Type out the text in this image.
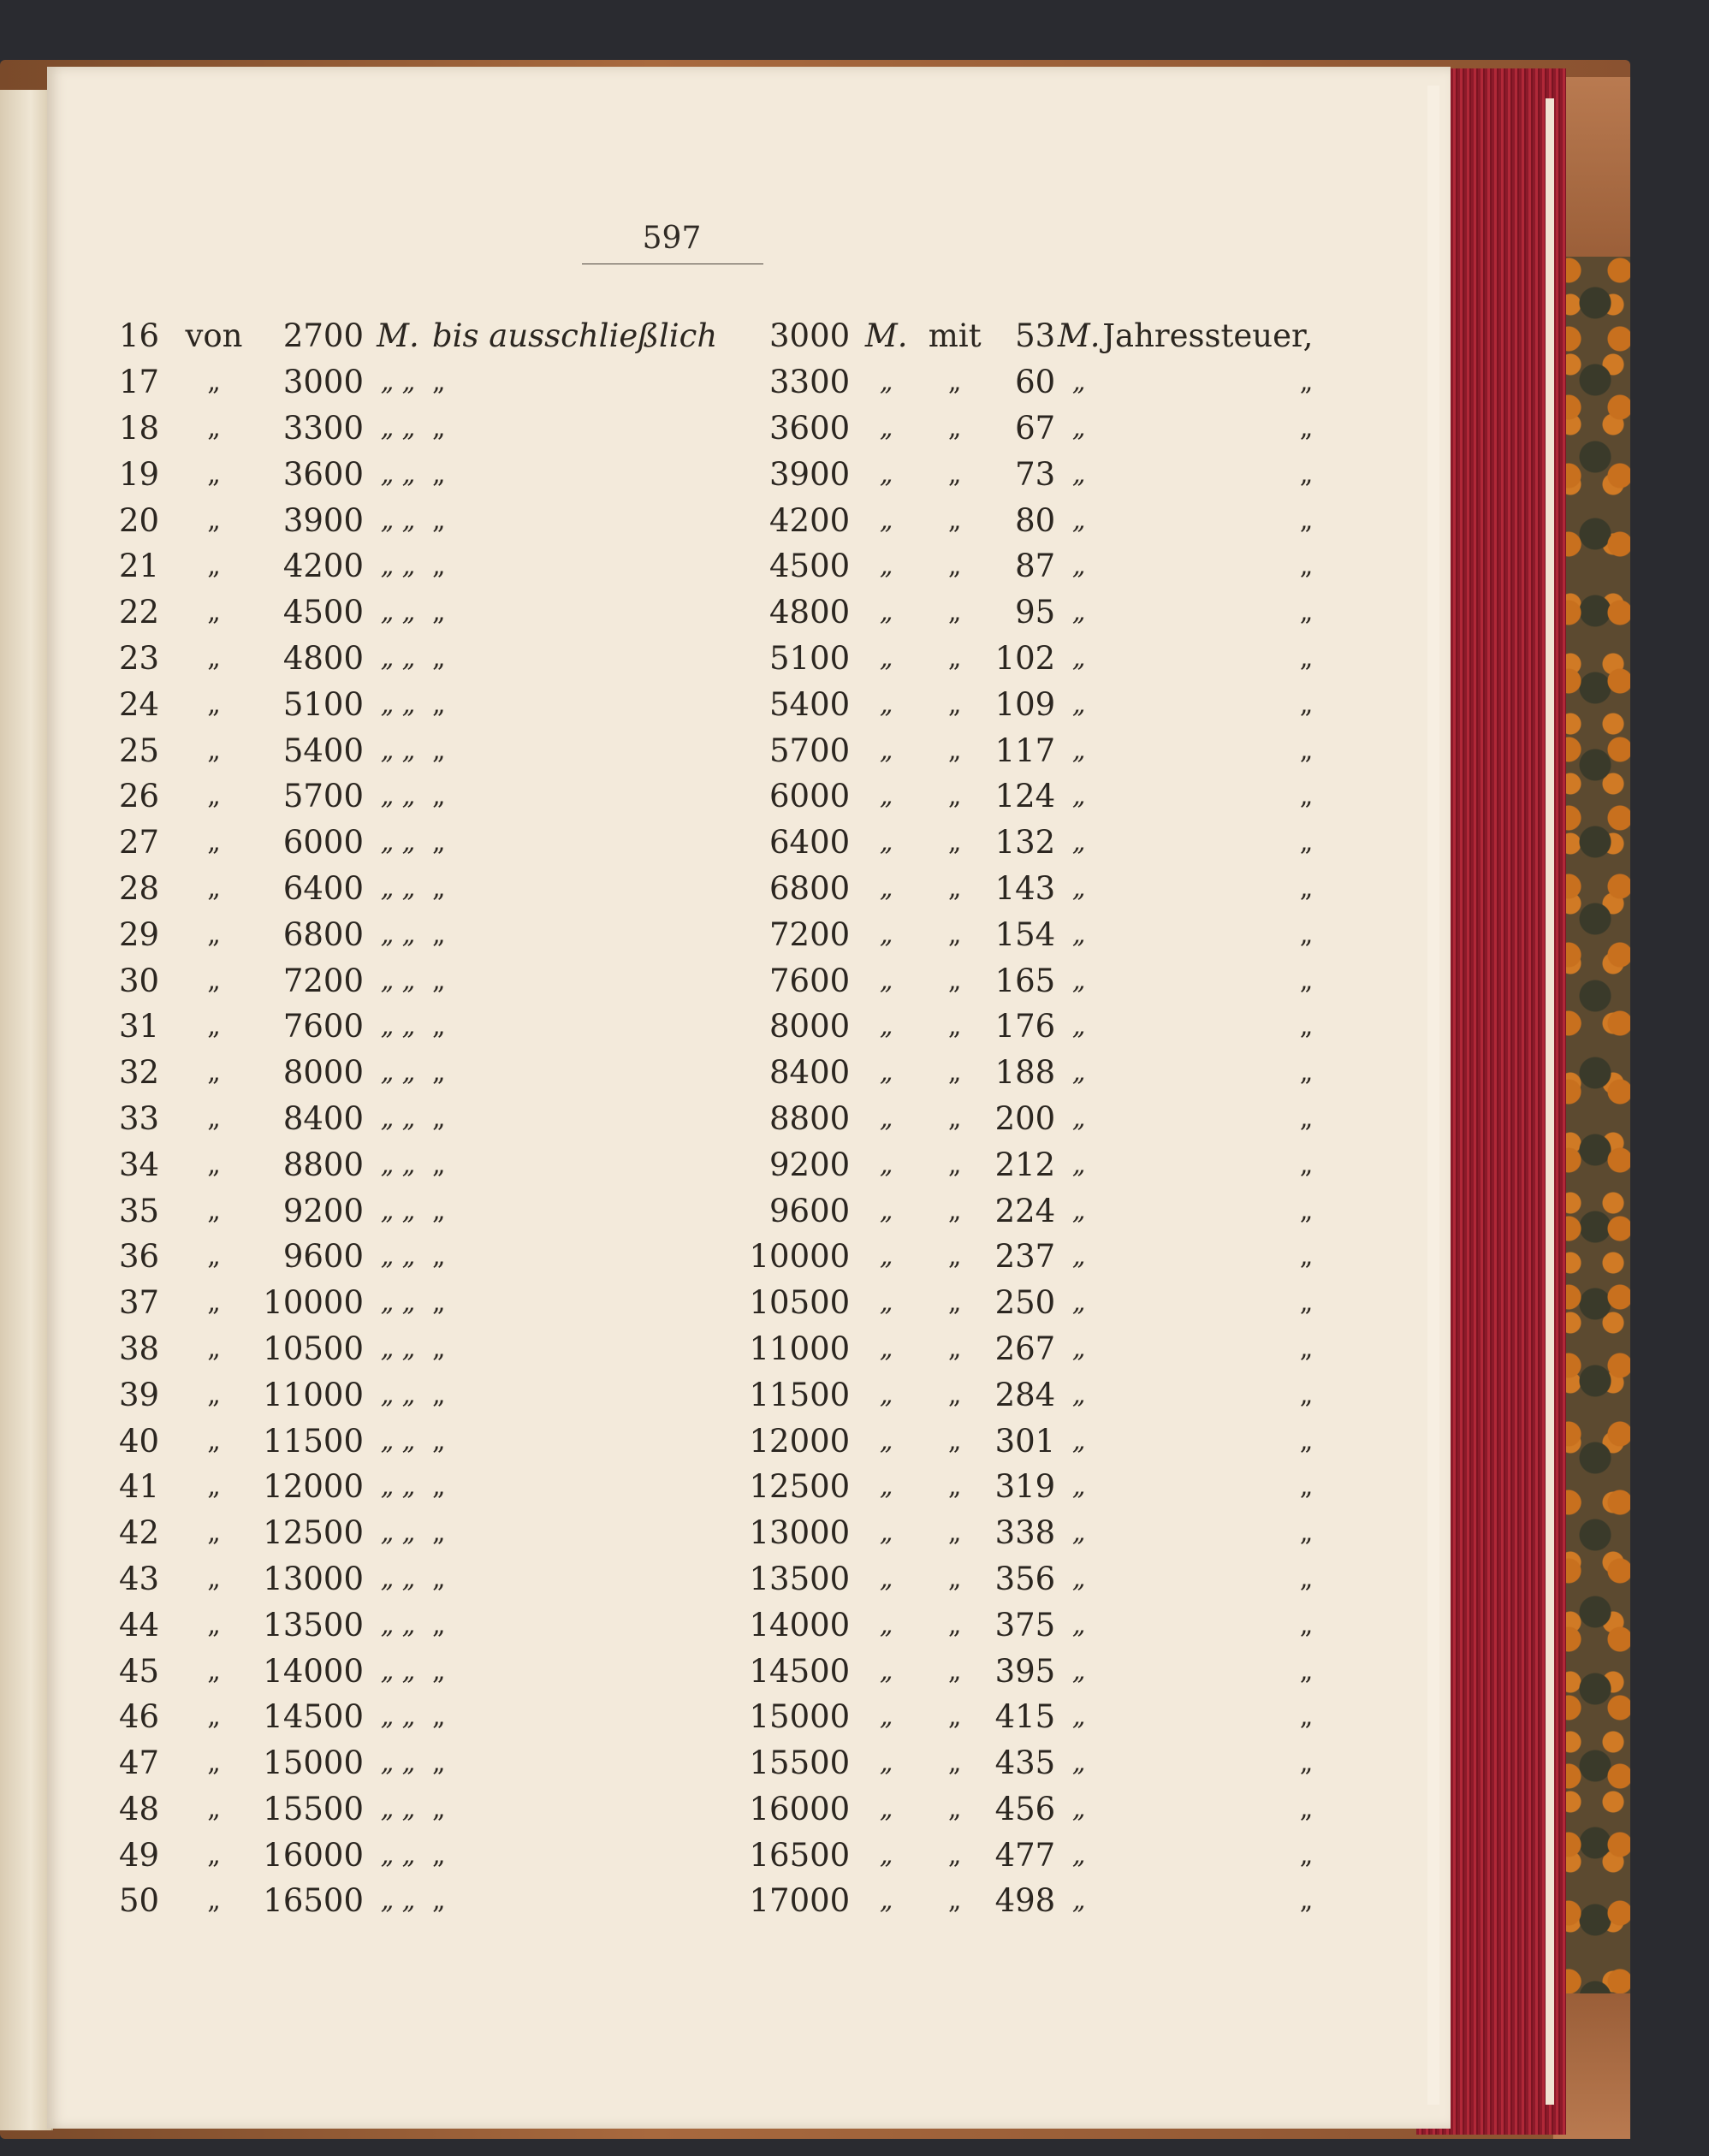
597
16	von	2700	M.	bis ausschließlich	3000	M.	mit	53	M.	Jahressteuer,
17	„	3000	„ „	„	3300	„	„	60	„	„
18	„	3300	„ „	„	3600	„	„	67	„	„
19	„	3600	„ „	„	3900	„	„	73	„	„
20	„	3900	„ „	„	4200	„	„	80	„	„
21	„	4200	„ „	„	4500	„	„	87	„	„
22	„	4500	„ „	„	4800	„	„	95	„	„
23	„	4800	„ „	„	5100	„	„	102	„	„
24	„	5100	„ „	„	5400	„	„	109	„	„
25	„	5400	„ „	„	5700	„	„	117	„	„
26	„	5700	„ „	„	6000	„	„	124	„	„
27	„	6000	„ „	„	6400	„	„	132	„	„
28	„	6400	„ „	„	6800	„	„	143	„	„
29	„	6800	„ „	„	7200	„	„	154	„	„
30	„	7200	„ „	„	7600	„	„	165	„	„
31	„	7600	„ „	„	8000	„	„	176	„	„
32	„	8000	„ „	„	8400	„	„	188	„	„
33	„	8400	„ „	„	8800	„	„	200	„	„
34	„	8800	„ „	„	9200	„	„	212	„	„
35	„	9200	„ „	„	9600	„	„	224	„	„
36	„	9600	„ „	„	10000	„	„	237	„	„
37	„	10000	„ „	„	10500	„	„	250	„	„
38	„	10500	„ „	„	11000	„	„	267	„	„
39	„	11000	„ „	„	11500	„	„	284	„	„
40	„	11500	„ „	„	12000	„	„	301	„	„
41	„	12000	„ „	„	12500	„	„	319	„	„
42	„	12500	„ „	„	13000	„	„	338	„	„
43	„	13000	„ „	„	13500	„	„	356	„	„
44	„	13500	„ „	„	14000	„	„	375	„	„
45	„	14000	„ „	„	14500	„	„	395	„	„
46	„	14500	„ „	„	15000	„	„	415	„	„
47	„	15000	„ „	„	15500	„	„	435	„	„
48	„	15500	„ „	„	16000	„	„	456	„	„
49	„	16000	„ „	„	16500	„	„	477	„	„
50	„	16500	„ „	„	17000	„	„	498	„	„
